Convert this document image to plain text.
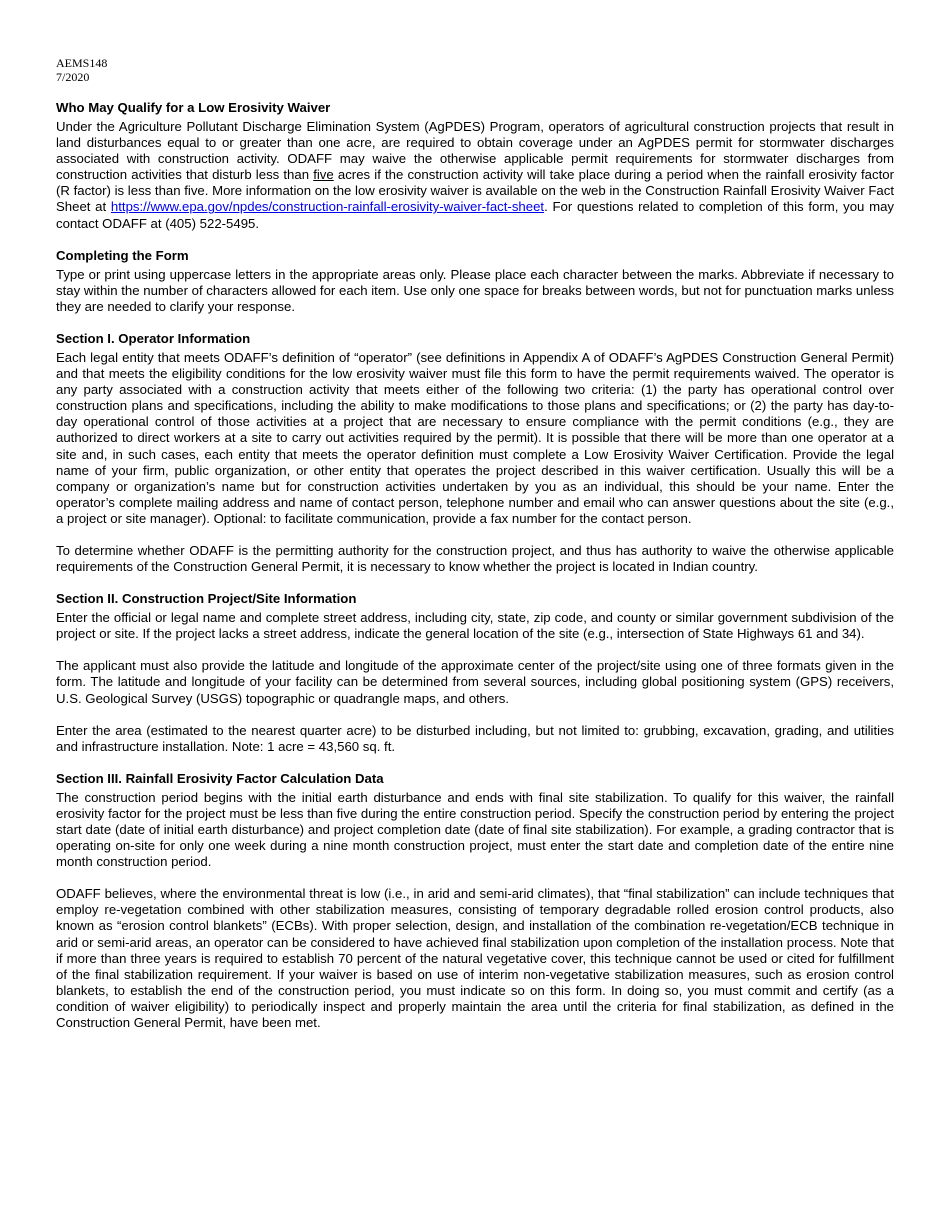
AEMS148
7/2020
Who May Qualify for a Low Erosivity Waiver

Under the Agriculture Pollutant Discharge Elimination System (AgPDES) Program, operators of agricultural construction projects that result in land disturbances equal to or greater than one acre, are required to obtain coverage under an AgPDES permit for stormwater discharges associated with construction activity. ODAFF may waive the otherwise applicable permit requirements for stormwater discharges from construction activities that disturb less than five acres if the construction activity will take place during a period when the rainfall erosivity factor (R factor) is less than five. More information on the low erosivity waiver is available on the web in the Construction Rainfall Erosivity Waiver Fact Sheet at https://www.epa.gov/npdes/construction-rainfall-erosivity-waiver-fact-sheet. For questions related to completion of this form, you may contact ODAFF at (405) 522-5495.

Completing the Form

Type or print using uppercase letters in the appropriate areas only. Please place each character between the marks. Abbreviate if necessary to stay within the number of characters allowed for each item. Use only one space for breaks between words, but not for punctuation marks unless they are needed to clarify your response.

Section I. Operator Information

Each legal entity that meets ODAFF’s definition of “operator” (see definitions in Appendix A of ODAFF’s AgPDES Construction General Permit) and that meets the eligibility conditions for the low erosivity waiver must file this form to have the permit requirements waived. The operator is any party associated with a construction activity that meets either of the following two criteria: (1) the party has operational control over construction plans and specifications, including the ability to make modifications to those plans and specifications; or (2) the party has day-to-day operational control of those activities at a project that are necessary to ensure compliance with the permit conditions (e.g., they are authorized to direct workers at a site to carry out activities required by the permit). It is possible that there will be more than one operator at a site and, in such cases, each entity that meets the operator definition must complete a Low Erosivity Waiver Certification. Provide the legal name of your firm, public organization, or other entity that operates the project described in this waiver certification. Usually this will be a company or organization’s name but for construction activities undertaken by you as an individual, this should be your name. Enter the operator’s complete mailing address and name of contact person, telephone number and email who can answer questions about the site (e.g., a project or site manager). Optional: to facilitate communication, provide a fax number for the contact person.

To determine whether ODAFF is the permitting authority for the construction project, and thus has authority to waive the otherwise applicable requirements of the Construction General Permit, it is necessary to know whether the project is located in Indian country.

Section II. Construction Project/Site Information

Enter the official or legal name and complete street address, including city, state, zip code, and county or similar government subdivision of the project or site. If the project lacks a street address, indicate the general location of the site (e.g., intersection of State Highways 61 and 34).

The applicant must also provide the latitude and longitude of the approximate center of the project/site using one of three formats given in the form. The latitude and longitude of your facility can be determined from several sources, including global positioning system (GPS) receivers, U.S. Geological Survey (USGS) topographic or quadrangle maps, and others.

Enter the area (estimated to the nearest quarter acre) to be disturbed including, but not limited to: grubbing, excavation, grading, and utilities and infrastructure installation. Note: 1 acre = 43,560 sq. ft.

Section III. Rainfall Erosivity Factor Calculation Data

The construction period begins with the initial earth disturbance and ends with final site stabilization. To qualify for this waiver, the rainfall erosivity factor for the project must be less than five during the entire construction period. Specify the construction period by entering the project start date (date of initial earth disturbance) and project completion date (date of final site stabilization). For example, a grading contractor that is operating on-site for only one week during a nine month construction project, must enter the start date and completion date of the entire nine month construction period.

ODAFF believes, where the environmental threat is low (i.e., in arid and semi-arid climates), that “final stabilization” can include techniques that employ re-vegetation combined with other stabilization measures, consisting of temporary degradable rolled erosion control products, also known as “erosion control blankets” (ECBs). With proper selection, design, and installation of the combination re-vegetation/ECB technique in arid or semi-arid areas, an operator can be considered to have achieved final stabilization upon completion of the installation process. Note that if more than three years is required to establish 70 percent of the natural vegetative cover, this technique cannot be used or cited for fulfillment of the final stabilization requirement. If your waiver is based on use of interim non-vegetative stabilization measures, such as erosion control blankets, to establish the end of the construction period, you must indicate so on this form. In doing so, you must commit and certify (as a condition of waiver eligibility) to periodically inspect and properly maintain the area until the criteria for final stabilization, as defined in the Construction General Permit, have been met.
